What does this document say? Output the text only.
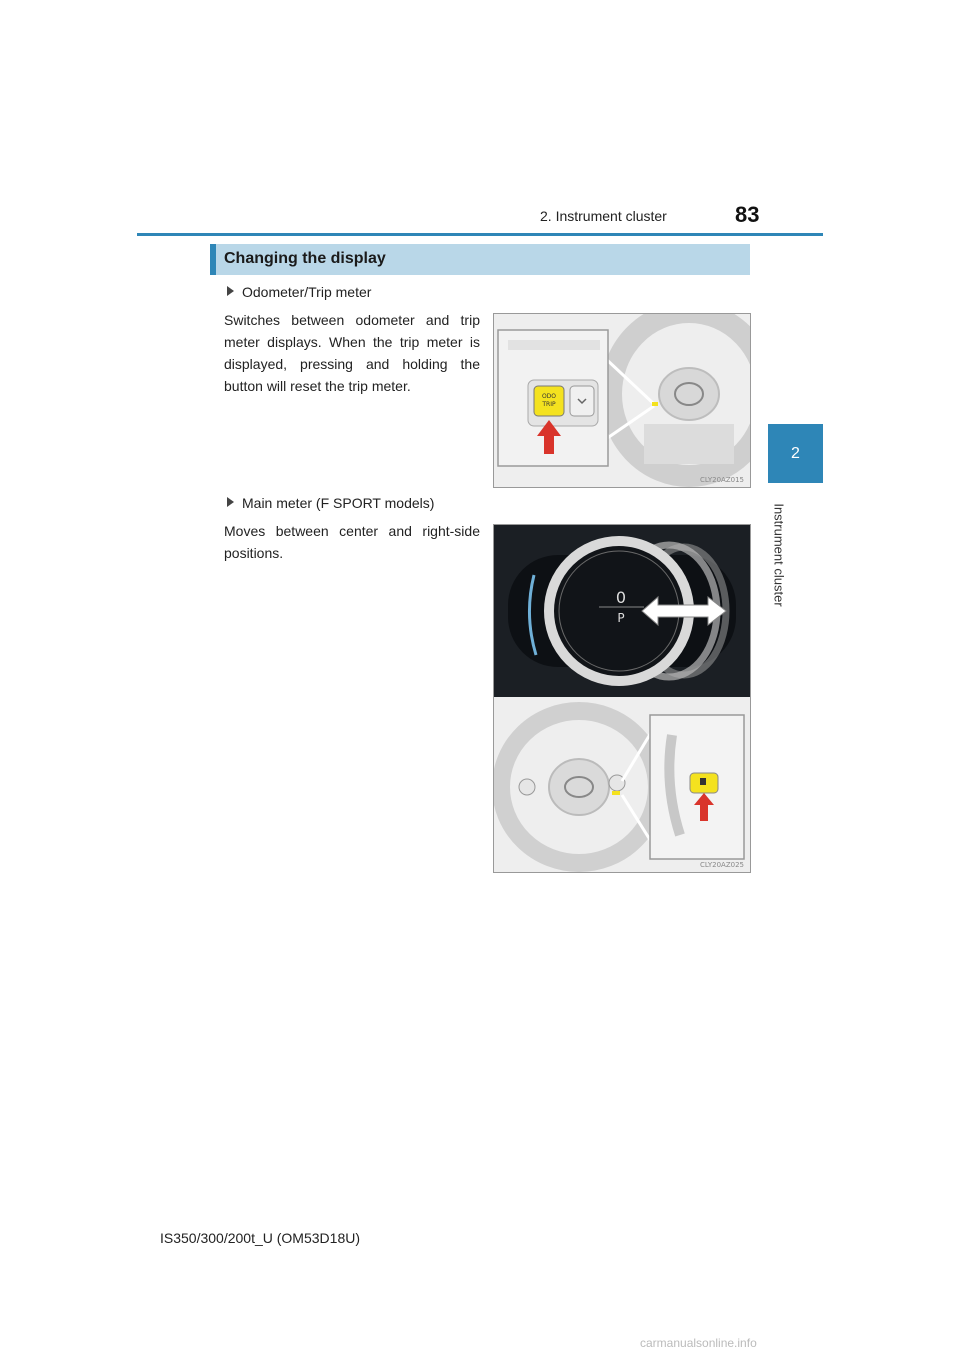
2. Instrument cluster	83
2
Instrument cluster
Changing the display
Odometer/Trip meter
Switches between odometer and trip meter displays. When the trip meter is displayed, pressing and holding the button will reset the trip meter.
ODO
TRIP
CLY20AZ015
Main meter (F SPORT models)
Moves between center and right-side positions.
0
P
CLY20AZ025
IS350/300/200t_U (OM53D18U)
carmanualsonline.info
